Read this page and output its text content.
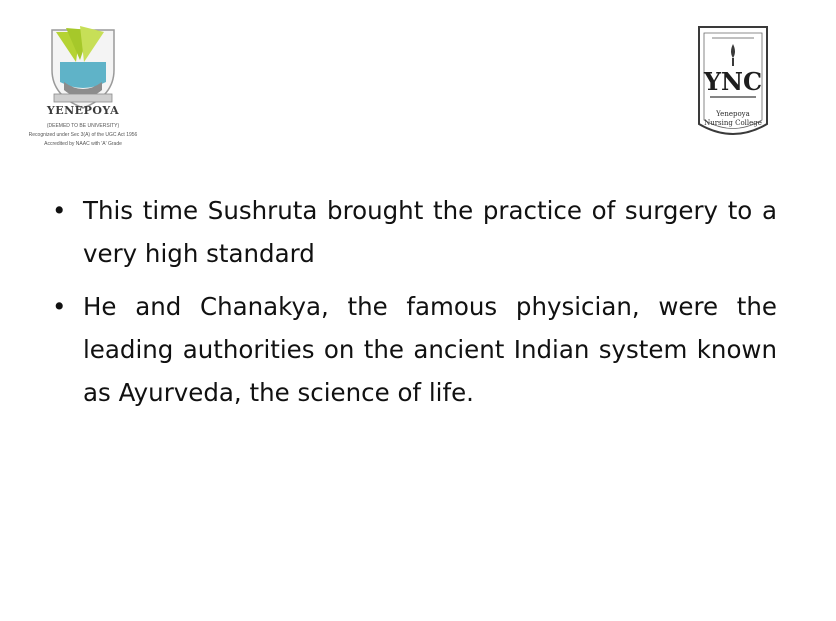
YENEPOYA
(DEEMED TO BE UNIVERSITY)
Recognized under Sec 3(A) of the UGC Act 1956
Accredited by NAAC with 'A' Grade
YNC
Yenepoya
Nursing College
• This time Sushruta brought the practice of surgery to a very high standard
• He and Chanakya, the famous physician, were the leading authorities on the ancient Indian system known as Ayurveda, the science of life.
